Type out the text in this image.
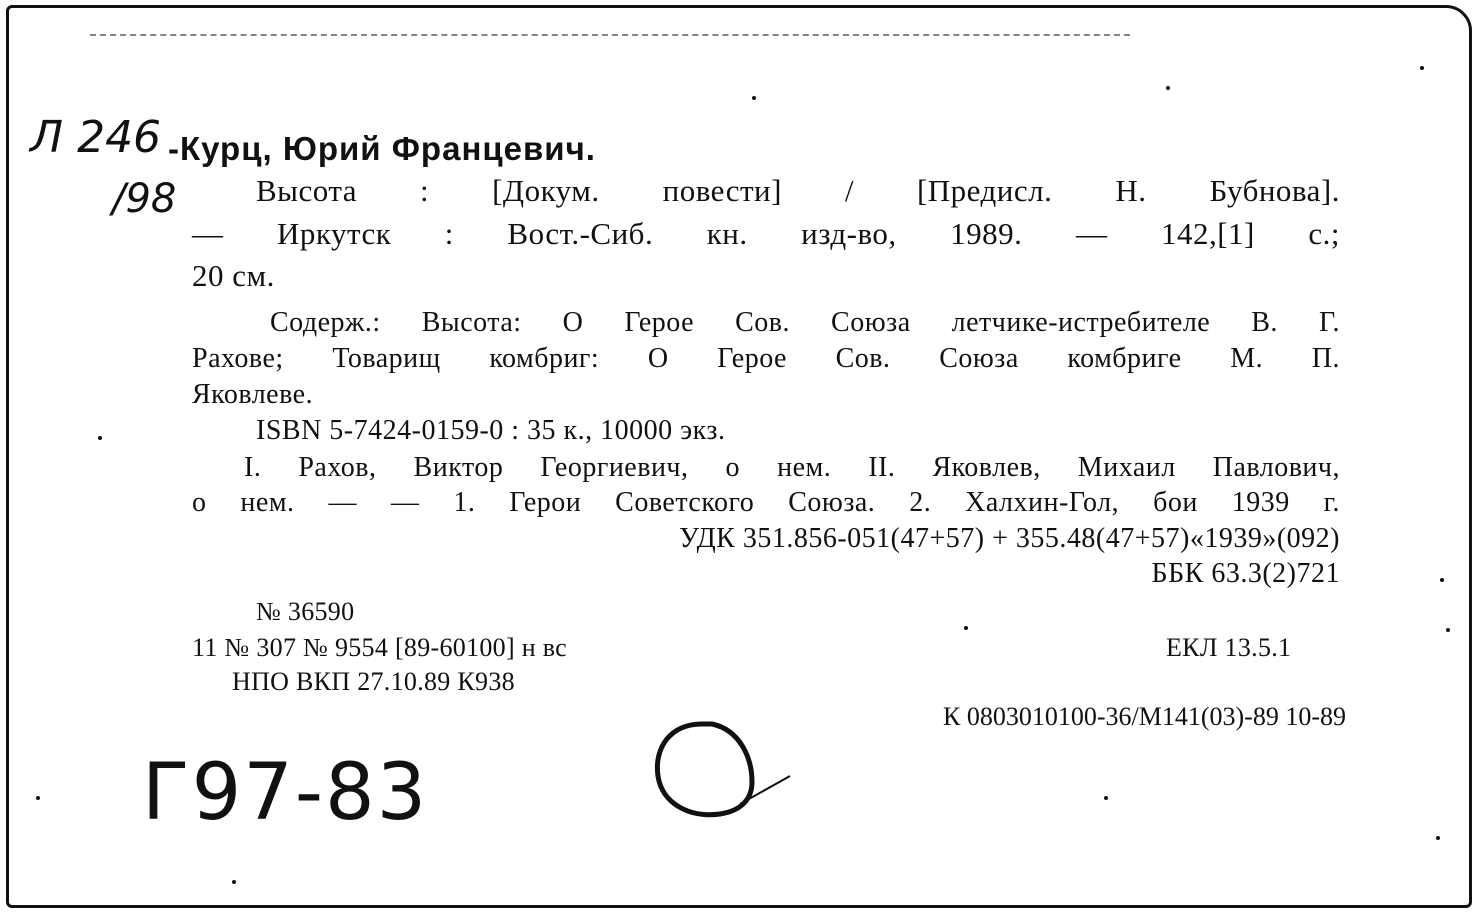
Л 246
/98
-Курц, Юрий Францевич.
Высота : [Докум. повести] / [Предисл. Н. Бубнова].
— Иркутск : Вост.-Сиб. кн. изд-во, 1989. — 142,[1] с.;
20 см.
Содерж.: Высота: О Герое Сов. Союза летчике-истребителе В. Г.
Рахове; Товарищ комбриг: О Герое Сов. Союза комбриге М. П.
Яковлеве.
ISBN 5-7424-0159-0 : 35 к., 10000 экз.
I. Рахов, Виктор Георгиевич, о нем. II. Яковлев, Михаил Павлович,
о нем. — — 1. Герои Советского Союза. 2. Халхин-Гол, бои 1939 г.
УДК 351.856-051(47+57) + 355.48(47+57)«1939»(092)
ББК 63.3(2)721
№ 36590
11 № 307 № 9554 [89-60100] н вс	ЕКЛ 13.5.1
НПО ВКП 27.10.89 К938
К 0803010100-36/М141(03)-89 10-89
Г97-83
